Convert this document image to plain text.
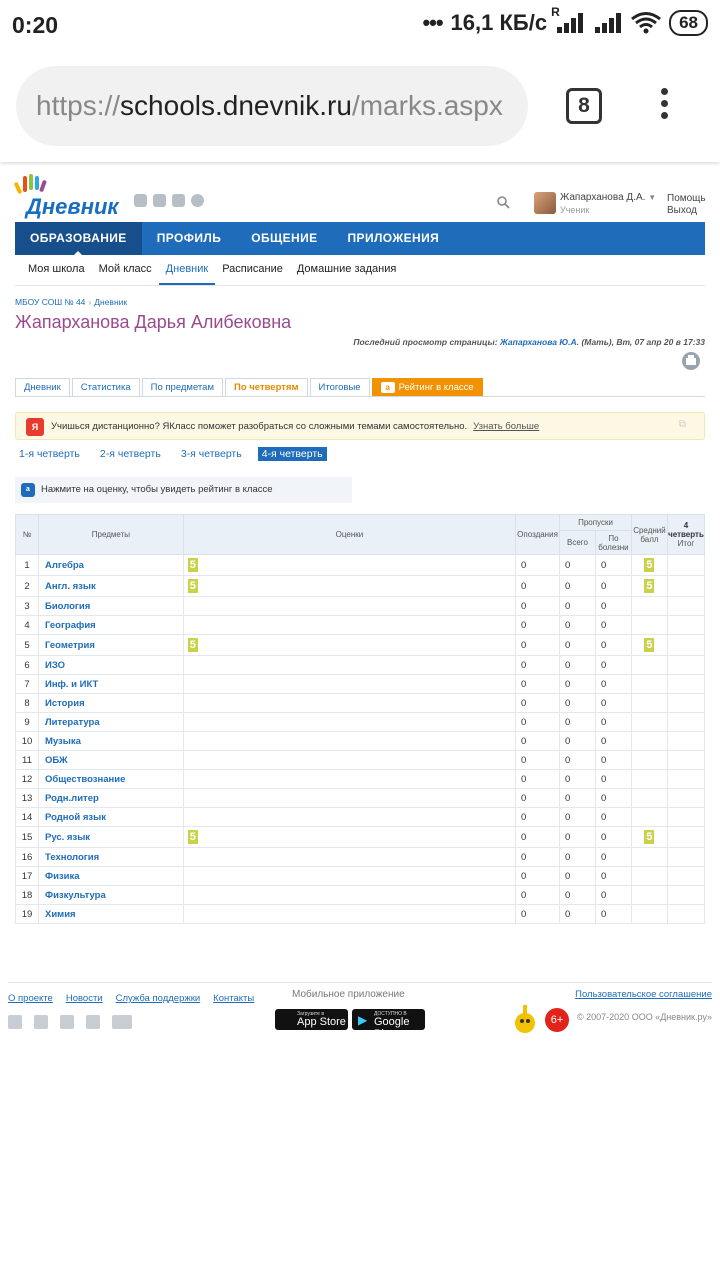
0:20	••• 16,1 КБ/с R
68
https://schools.dnevnik.ru/marks.aspx	8
Дневник	Жапарханова Д.А. ▼
Ученик
Помощь
Выход
ОБРАЗОВАНИЕ	ПРОФИЛЬ	ОБЩЕНИЕ	ПРИЛОЖЕНИЯ
Моя школа	Мой класс	Дневник	Расписание	Домашние задания
МБОУ СОШ № 44 › Дневник
Жапарханова Дарья Алибековна
Последний просмотр страницы: Жапарханова Ю.А. (Мать), Вт, 07 апр 20 в 17:33
Дневник	Статистика	По предметам	По четвертям	Итоговые	a Рейтинг в классе
Я	Учишься дистанционно? ЯКласс поможет разобраться со сложными темами самостоятельно. Узнать больше	⧉
1-я четверть	2-я четверть	3-я четверть	4-я четверть
a	Нажмите на оценку, чтобы увидеть рейтинг в классе
№	Предметы	Оценки	Опоздания	Пропуски		Средний балл	4
четверть
Итог

				Всего	По болезни		
1	Алгебра	5	0	0	0	5	
2	Англ. язык	5	0	0	0	5	
3	Биология		0	0	0		
4	География		0	0	0		
5	Геометрия	5	0	0	0	5	
6	ИЗО		0	0	0		
7	Инф. и ИКТ		0	0	0		
8	История		0	0	0		
9	Литература		0	0	0		
10	Музыка		0	0	0		
11	ОБЖ		0	0	0		
12	Обществознание		0	0	0		
13	Родн.литер		0	0	0		
14	Родной язык		0	0	0		
15	Рус. язык	5	0	0	0	5	
16	Технология		0	0	0		
17	Физика		0	0	0		
18	Физкультура		0	0	0		
19	Химия		0	0	0		
О проекте Новости Служба поддержки Контакты	Мобильное приложение
Загрузите в
App Store ▶ ДОСТУПНО В
Google Play
Пользовательское соглашение
6+	© 2007-2020 ООО «Дневник.ру»
